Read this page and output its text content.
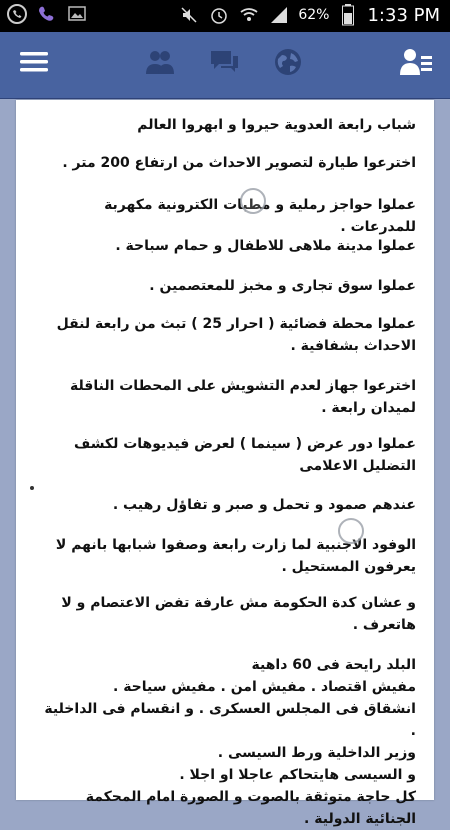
62% 1:33 PM
شباب رابعة العدوية حيروا و ابهروا العالم
اخترعوا طيارة لتصوير الاحداث من ارتفاع 200 متر .
عملوا حواجز رملية و مطبات الكترونية مكهربة للمدرعات .
عملوا مدينة ملاهى للاطفال و حمام سباحة .
عملوا سوق تجارى و مخبز للمعتصمين .
عملوا محطة فضائية ( احرار 25 ) تبث من رابعة لنقل الاحداث بشفافية .
اخترعوا جهاز لعدم التشويش على المحطات الناقلة لميدان رابعة .
عملوا دور عرض ( سينما ) لعرض فيديوهات لكشف التضليل الاعلامى
عندهم صمود و تحمل و صبر و تفاؤل رهيب .
الوفود الاجنبية لما زارت رابعة وصفوا شبابها بانهم لا يعرفون المستحيل .
و عشان كدة الحكومة مش عارفة تفض الاعتصام و لا هاتعرف .
البلد رايحة فى 60 داهية
مفيش اقتصاد . مفيش امن . مفيش سياحة .
انشقاق فى المجلس العسكرى . و انقسام فى الداخلية .
وزير الداخلية ورط السيسى .
و السيسى هايتحاكم عاجلا او اجلا .
كل حاجة متوثقة بالصوت و الصورة امام المحكمة الجنائية الدولية .
